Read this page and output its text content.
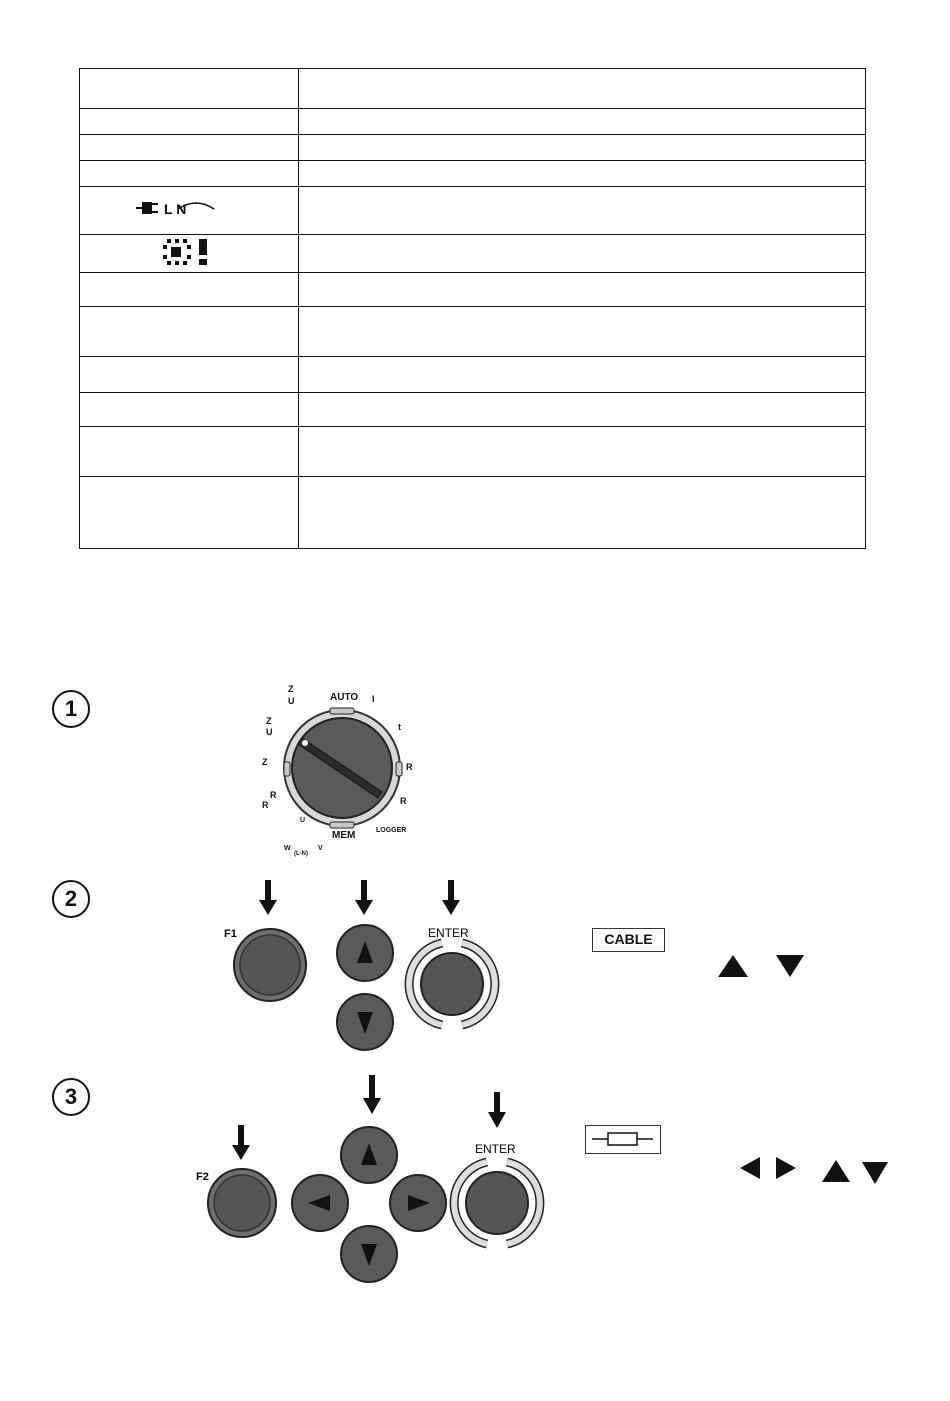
L N	

1	AUTO
MEM	LOGGER
Z
U
Z
U
Z
R
R
I
t
R
R
W
U
V
(L-N)
2
F1	ENTER	CABLE
3
F2
ENTER
